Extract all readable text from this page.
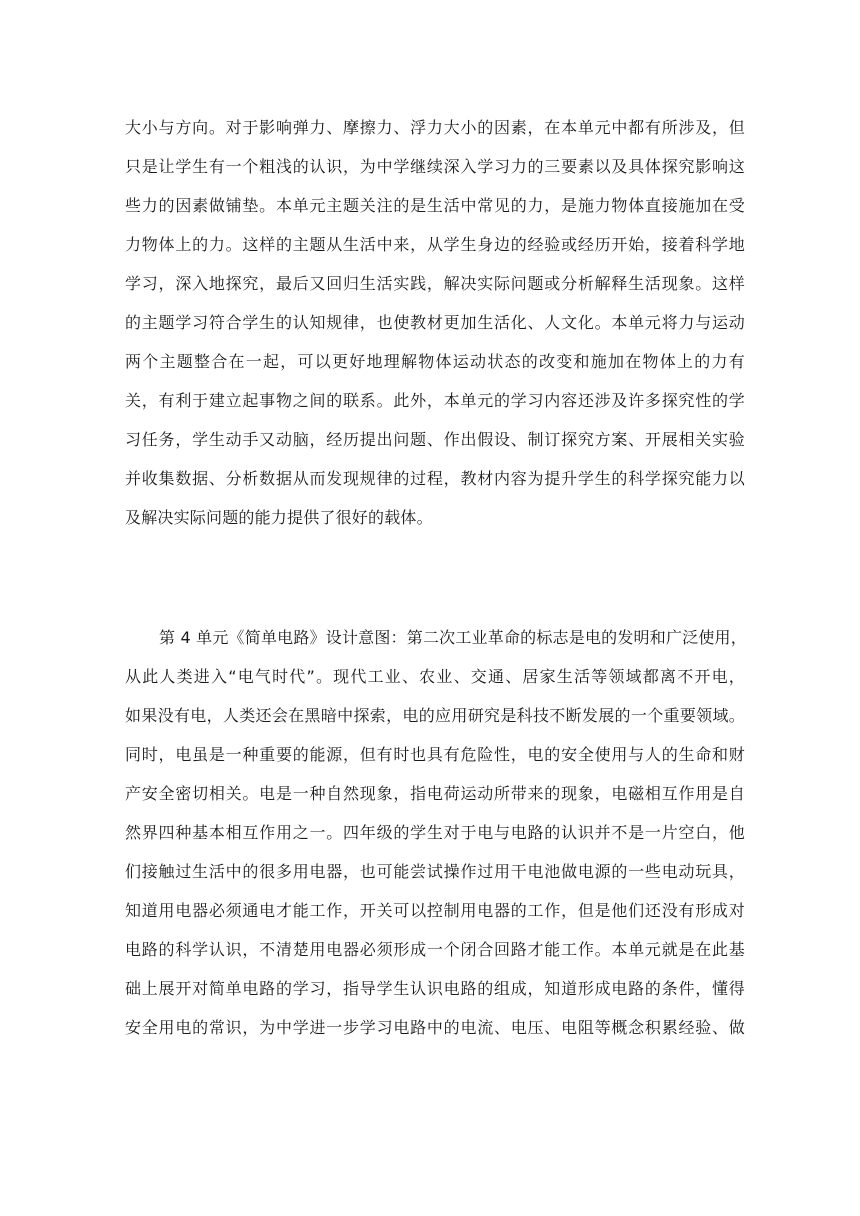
大小与方向。对于影响弹力、摩擦力、浮力大小的因素，在本单元中都有所涉及，但
只是让学生有一个粗浅的认识，为中学继续深入学习力的三要素以及具体探究影响这
些力的因素做铺垫。本单元主题关注的是生活中常见的力，是施力物体直接施加在受
力物体上的力。这样的主题从生活中来，从学生身边的经验或经历开始，接着科学地
学习，深入地探究，最后又回归生活实践，解决实际问题或分析解释生活现象。这样
的主题学习符合学生的认知规律，也使教材更加生活化、人文化。本单元将力与运动
两个主题整合在一起，可以更好地理解物体运动状态的改变和施加在物体上的力有
关，有利于建立起事物之间的联系。此外，本单元的学习内容还涉及许多探究性的学
习任务，学生动手又动脑，经历提出问题、作出假设、制订探究方案、开展相关实验
并收集数据、分析数据从而发现规律的过程，教材内容为提升学生的科学探究能力以
及解决实际问题的能力提供了很好的载体。
第 4 单元《简单电路》设计意图：第二次工业革命的标志是电的发明和广泛使用，
从此人类进入“电气时代”。现代工业、农业、交通、居家生活等领域都离不开电，
如果没有电，人类还会在黑暗中探索，电的应用研究是科技不断发展的一个重要领域。
同时，电虽是一种重要的能源，但有时也具有危险性，电的安全使用与人的生命和财
产安全密切相关。电是一种自然现象，指电荷运动所带来的现象，电磁相互作用是自
然界四种基本相互作用之一。四年级的学生对于电与电路的认识并不是一片空白，他
们接触过生活中的很多用电器，也可能尝试操作过用干电池做电源的一些电动玩具，
知道用电器必须通电才能工作，开关可以控制用电器的工作，但是他们还没有形成对
电路的科学认识，不清楚用电器必须形成一个闭合回路才能工作。本单元就是在此基
础上展开对简单电路的学习，指导学生认识电路的组成，知道形成电路的条件，懂得
安全用电的常识，为中学进一步学习电路中的电流、电压、电阻等概念积累经验、做
